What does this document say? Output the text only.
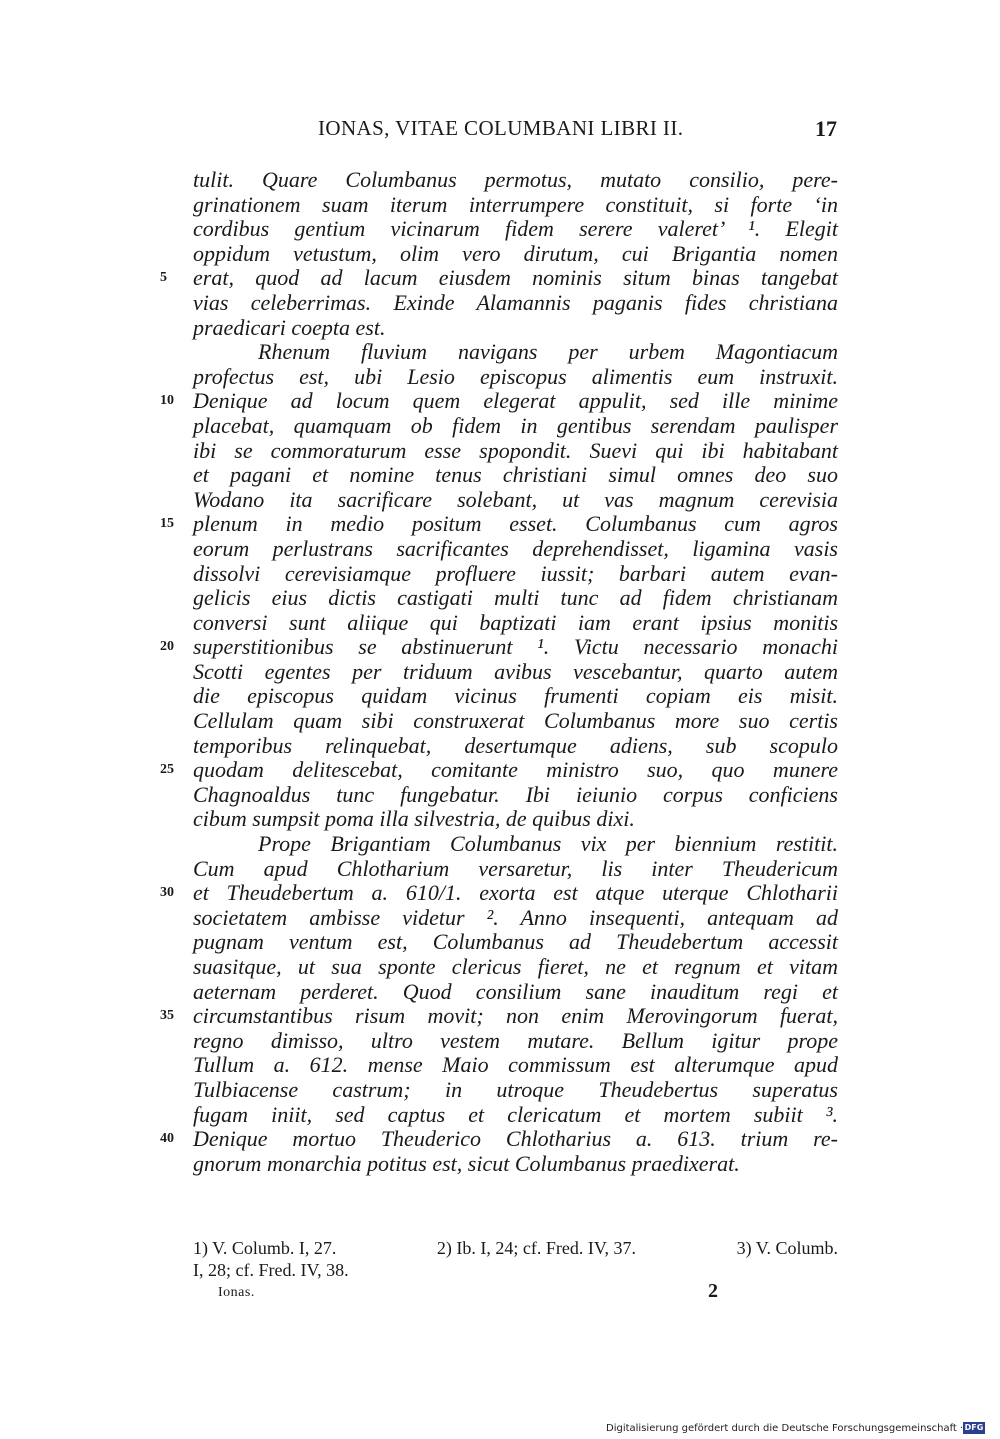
IONAS, VITAE COLUMBANI LIBRI II.	17
tulit. Quare Columbanus permotus, mutato consilio, pere-
grinationem suam iterum interrumpere constituit, si forte ‘in
cordibus gentium vicinarum fidem serere valeret’ ¹. Elegit
oppidum vetustum, olim vero dirutum, cui Brigantia nomen
5 erat, quod ad lacum eiusdem nominis situm binas tangebat
vias celeberrimas. Exinde Alamannis paganis fides christiana
praedicari coepta est.
Rhenum fluvium navigans per urbem Magontiacum
profectus est, ubi Lesio episcopus alimentis eum instruxit.
10 Denique ad locum quem elegerat appulit, sed ille minime
placebat, quamquam ob fidem in gentibus serendam paulisper
ibi se commoraturum esse spopondit. Suevi qui ibi habitabant
et pagani et nomine tenus christiani simul omnes deo suo
Wodano ita sacrificare solebant, ut vas magnum cerevisia
15 plenum in medio positum esset. Columbanus cum agros
eorum perlustrans sacrificantes deprehendisset, ligamina vasis
dissolvi cerevisiamque profluere iussit; barbari autem evan-
gelicis eius dictis castigati multi tunc ad fidem christianam
conversi sunt aliique qui baptizati iam erant ipsius monitis
20 superstitionibus se abstinuerunt ¹. Victu necessario monachi
Scotti egentes per triduum avibus vescebantur, quarto autem
die episcopus quidam vicinus frumenti copiam eis misit.
Cellulam quam sibi construxerat Columbanus more suo certis
temporibus relinquebat, desertumque adiens, sub scopulo
25 quodam delitescebat, comitante ministro suo, quo munere
Chagnoaldus tunc fungebatur. Ibi ieiunio corpus conficiens
cibum sumpsit poma illa silvestria, de quibus dixi.
Prope Brigantiam Columbanus vix per biennium restitit.
Cum apud Chlotharium versaretur, lis inter Theudericum
30 et Theudebertum a. 610/1. exorta est atque uterque Chlotharii
societatem ambisse videtur ². Anno insequenti, antequam ad
pugnam ventum est, Columbanus ad Theudebertum accessit
suasitque, ut sua sponte clericus fieret, ne et regnum et vitam
aeternam perderet. Quod consilium sane inauditum regi et
35 circumstantibus risum movit; non enim Merovingorum fuerat,
regno dimisso, ultro vestem mutare. Bellum igitur prope
Tullum a. 612. mense Maio commissum est alterumque apud
Tulbiacense castrum; in utroque Theudebertus superatus
fugam iniit, sed captus et clericatum et mortem subiit ³.
40 Denique mortuo Theuderico Chlotharius a. 613. trium re-
gnorum monarchia potitus est, sicut Columbanus praedixerat.
1) V. Columb. I, 27.	2) Ib. I, 24; cf. Fred. IV, 37.	3) V. Columb.
I, 28; cf. Fred. IV, 38.
Ionas.	2
Digitalisierung gefördert durch die Deutsche Forschungsgemeinschaft · DFG
